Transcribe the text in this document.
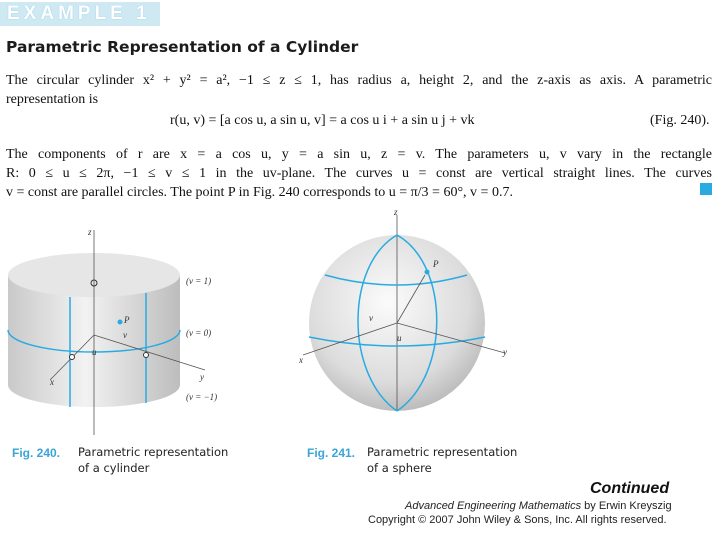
EXAMPLE 1
Parametric Representation of a Cylinder
The circular cylinder x² + y² = a², −1 ≤ z ≤ 1, has radius a, height 2, and the z-axis as axis. A parametric
representation is
r(u, v) = [a cos u, a sin u, v] = a cos u i + a sin u j + vk	(Fig. 240).
The components of r are x = a cos u, y = a sin u, z = v. The parameters u, v vary in the rectangle
R: 0 ≤ u ≤ 2π, −1 ≤ v ≤ 1 in the uv-plane. The curves u = const are vertical straight lines. The curves
v = const are parallel circles. The point P in Fig. 240 corresponds to u = π/3 = 60°, v = 0.7.
z
x	y
P
u
v
(v = 1)
(v = 0)
(v = −1)
z
x
y
P
u
v
Fig. 240. Parametric representation
of a cylinder
Fig. 241. Parametric representation
of a sphere
Continued
Advanced Engineering Mathematics by Erwin Kreyszig
Copyright © 2007 John Wiley & Sons, Inc. All rights reserved.
